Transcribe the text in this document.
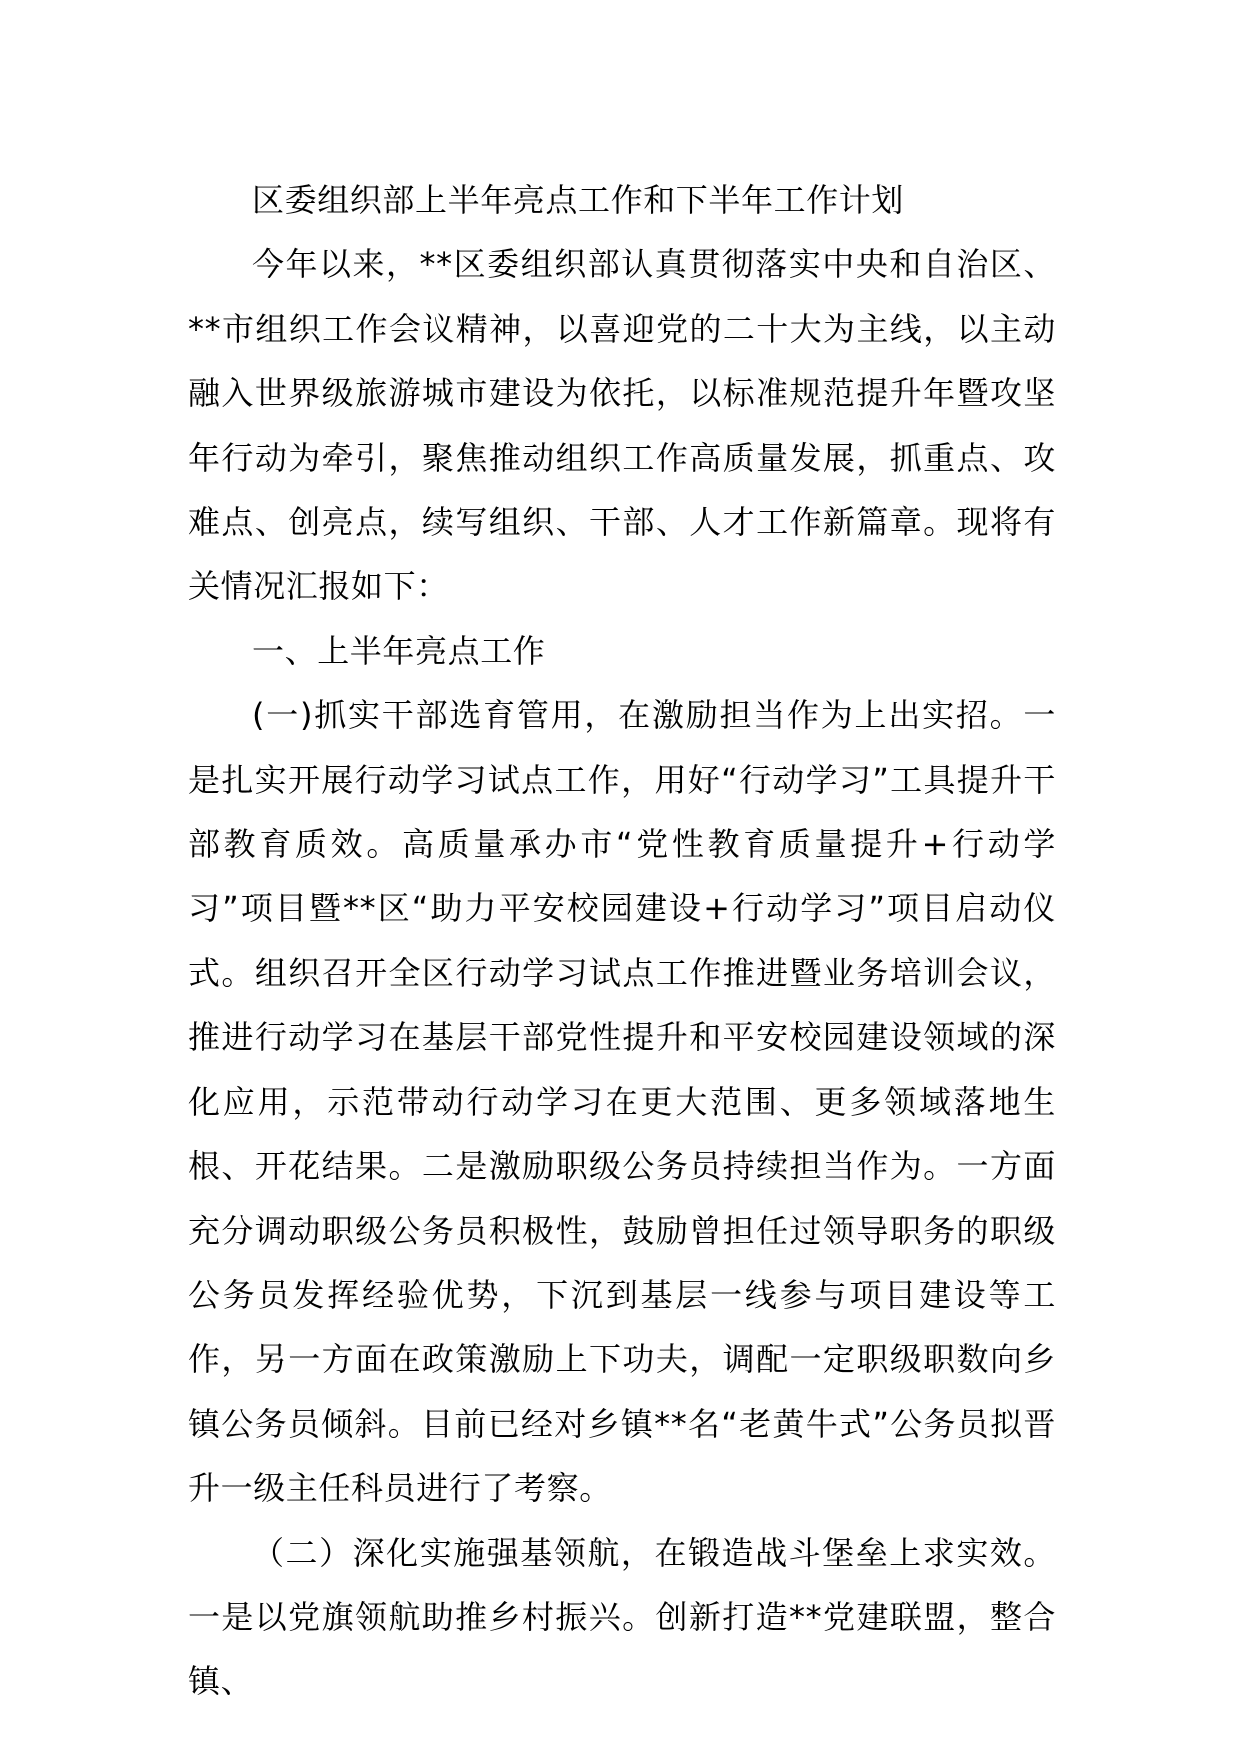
区委组织部上半年亮点工作和下半年工作计划

今年以来，**区委组织部认真贯彻落实中央和自治区、**市组织工作会议精神，以喜迎党的二十大为主线，以主动融入世界级旅游城市建设为依托，以标准规范提升年暨攻坚年行动为牵引，聚焦推动组织工作高质量发展，抓重点、攻难点、创亮点，续写组织、干部、人才工作新篇章。现将有关情况汇报如下：

一、上半年亮点工作

(一)抓实干部选育管用，在激励担当作为上出实招。一是扎实开展行动学习试点工作，用好“行动学习”工具提升干部教育质效。高质量承办市“党性教育质量提升+行动学习”项目暨**区“助力平安校园建设+行动学习”项目启动仪式。组织召开全区行动学习试点工作推进暨业务培训会议，推进行动学习在基层干部党性提升和平安校园建设领域的深化应用，示范带动行动学习在更大范围、更多领域落地生根、开花结果。二是激励职级公务员持续担当作为。一方面充分调动职级公务员积极性，鼓励曾担任过领导职务的职级公务员发挥经验优势，下沉到基层一线参与项目建设等工作，另一方面在政策激励上下功夫，调配一定职级职数向乡镇公务员倾斜。目前已经对乡镇**名“老黄牛式”公务员拟晋升一级主任科员进行了考察。

（二）深化实施强基领航，在锻造战斗堡垒上求实效。一是以党旗领航助推乡村振兴。创新打造**党建联盟，整合镇、
